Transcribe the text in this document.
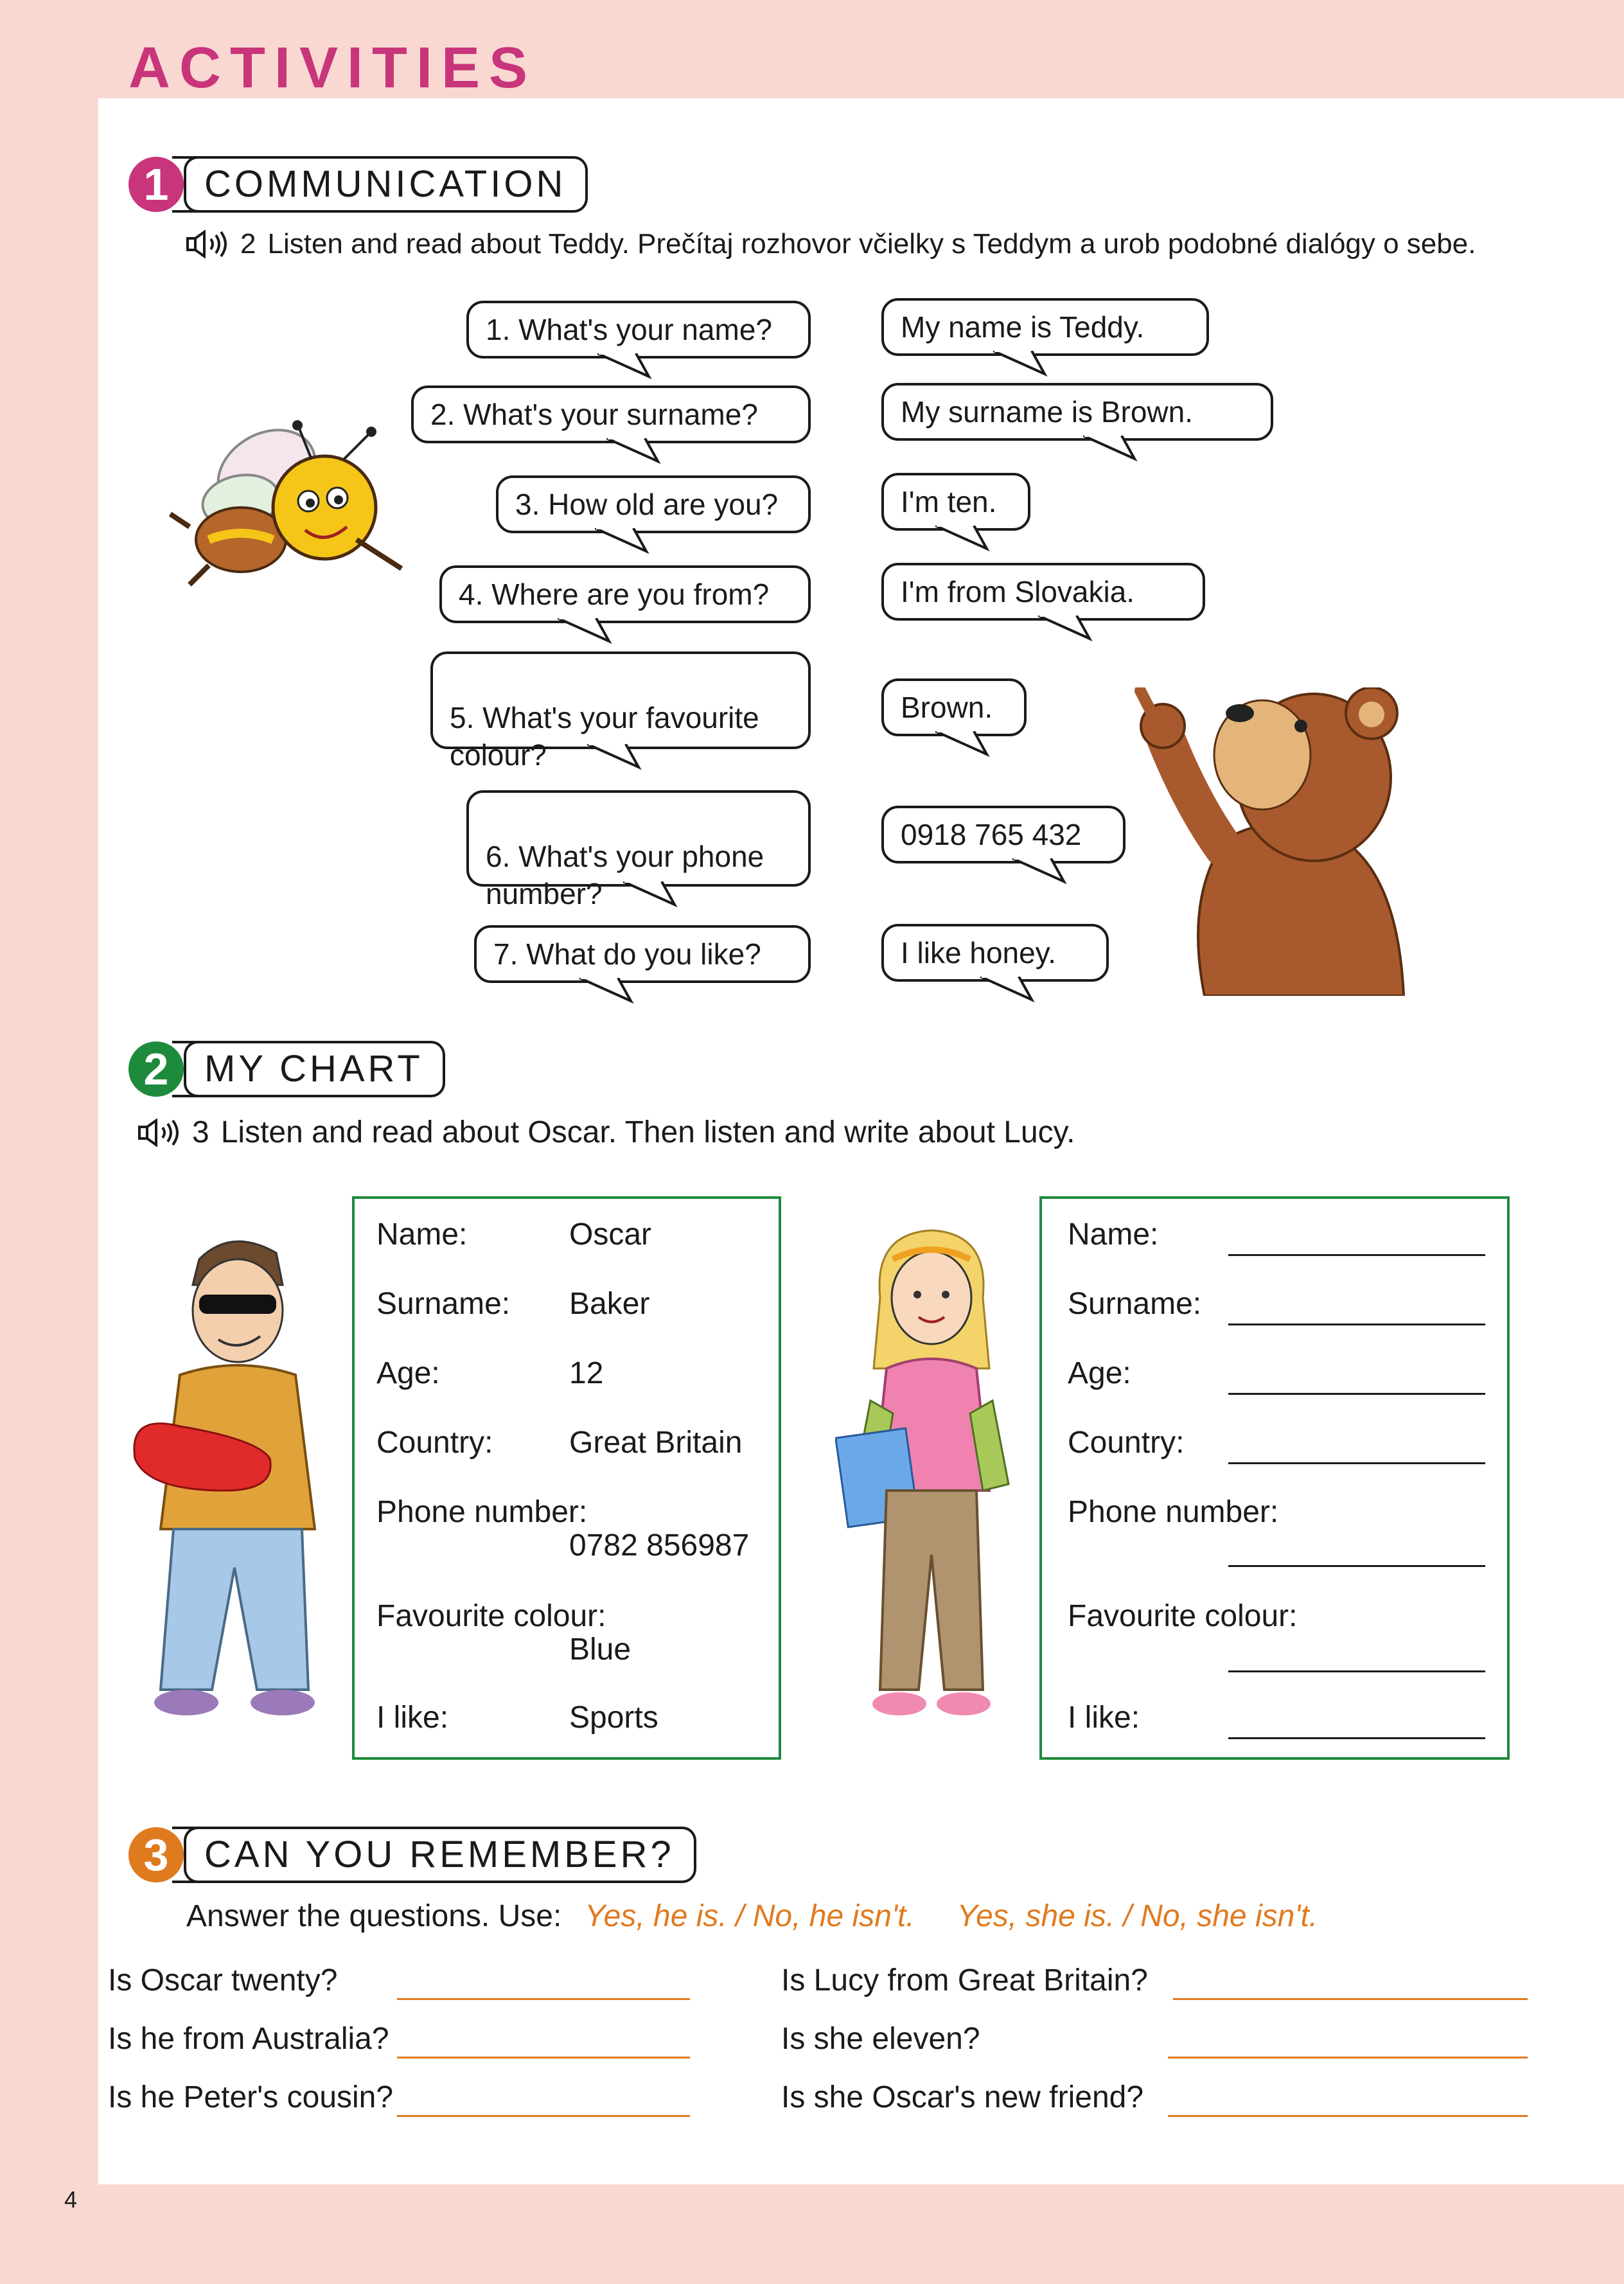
ACTIVITIES
4
1 COMMUNICATION
2 Listen and read about Teddy. Prečítaj rozhovor včielky s Teddym a urob podobné dialógy o sebe.
1. What's your name?
2. What's your surname?
3. How old are you?
4. Where are you from?

5. What's your favourite
colour?

6. What's your phone
number?

7. What do you like?
My name is Teddy.
My surname is Brown.
I'm ten.
I'm from Slovakia.
Brown.
0918 765 432
I like honey.
2 MY CHART
3 Listen and read about Oscar. Then listen and write about Lucy.
Name:	Oscar
Surname: Baker
Age:	12
Country: Great Britain
Phone number:
0782 856987
Favourite colour:
Blue
I like:	Sports
Name:
Surname:
Age:
Country:
Phone number:
Favourite colour:
I like:
3 CAN YOU REMEMBER?
Answer the questions. Use: Yes, he is. / No, he isn't. Yes, she is. / No, she isn't.
Is Oscar twenty?
Is he from Australia?
Is he Peter's cousin?
Is Lucy from Great Britain?
Is she eleven?
Is she Oscar's new friend?
